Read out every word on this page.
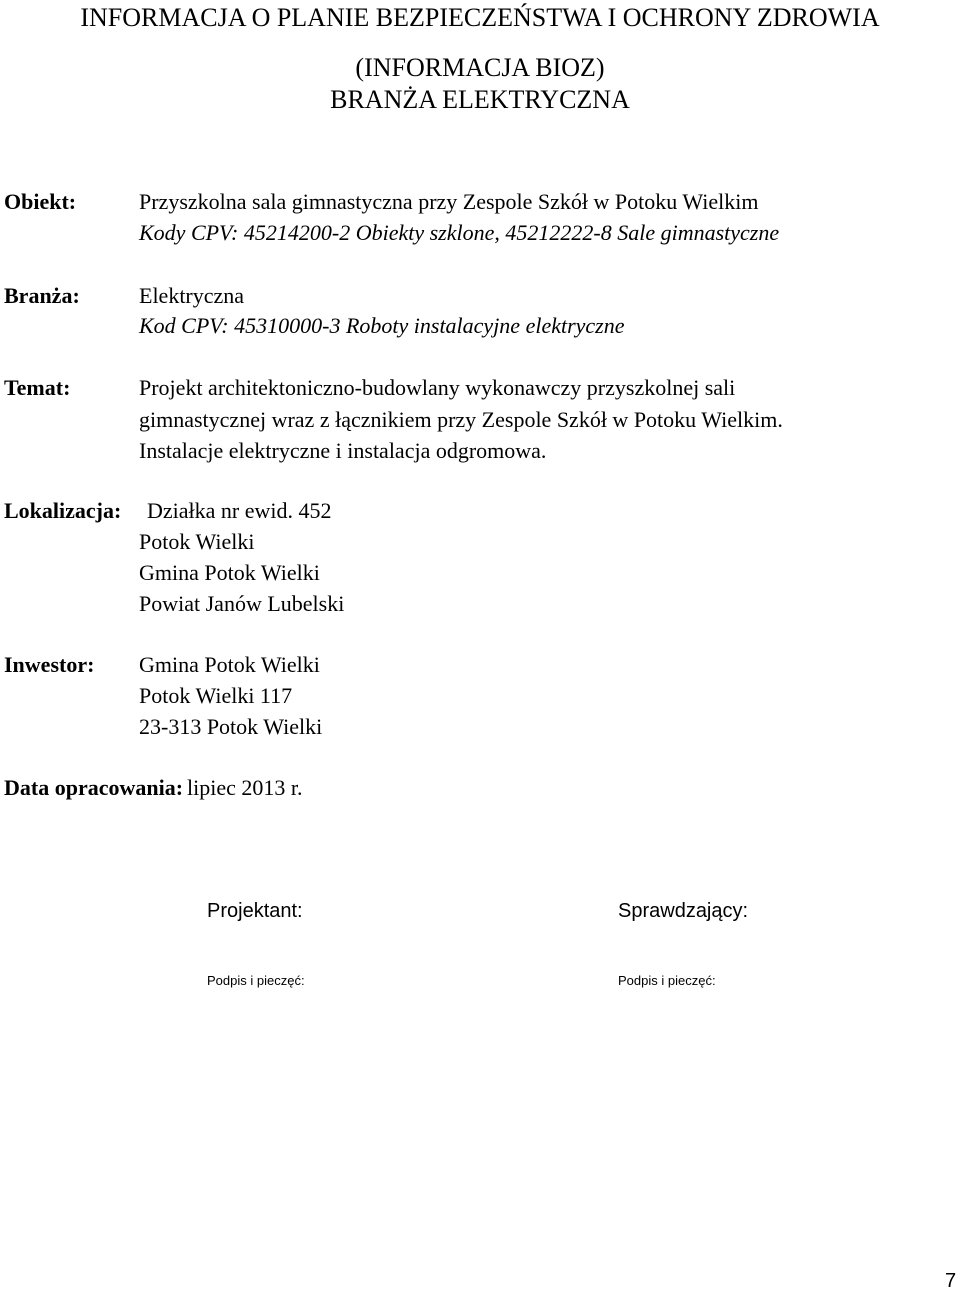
INFORMACJA O PLANIE BEZPIECZEŃSTWA I OCHRONY ZDROWIA
(INFORMACJA BIOZ)
BRANŻA ELEKTRYCZNA
Obiekt:	Przyszkolna sala gimnastyczna przy Zespole Szkół w Potoku Wielkim
Kody CPV: 45214200-2 Obiekty szklone, 45212222-8 Sale gimnastyczne
Branża:	Elektryczna
Kod CPV: 45310000-3 Roboty instalacyjne elektryczne
Temat:	Projekt architektoniczno-budowlany wykonawczy przyszkolnej sali
gimnastycznej wraz z łącznikiem przy Zespole Szkół w Potoku Wielkim.
Instalacje elektryczne i instalacja odgromowa.
Lokalizacja: Działka nr ewid. 452
Potok Wielki
Gmina Potok Wielki
Powiat Janów Lubelski
Inwestor: Gmina Potok Wielki
Potok Wielki 117
23-313 Potok Wielki
Data opracowania: lipiec 2013 r.
Projektant:	Sprawdzający:
Podpis i pieczęć:	Podpis i pieczęć:
7
